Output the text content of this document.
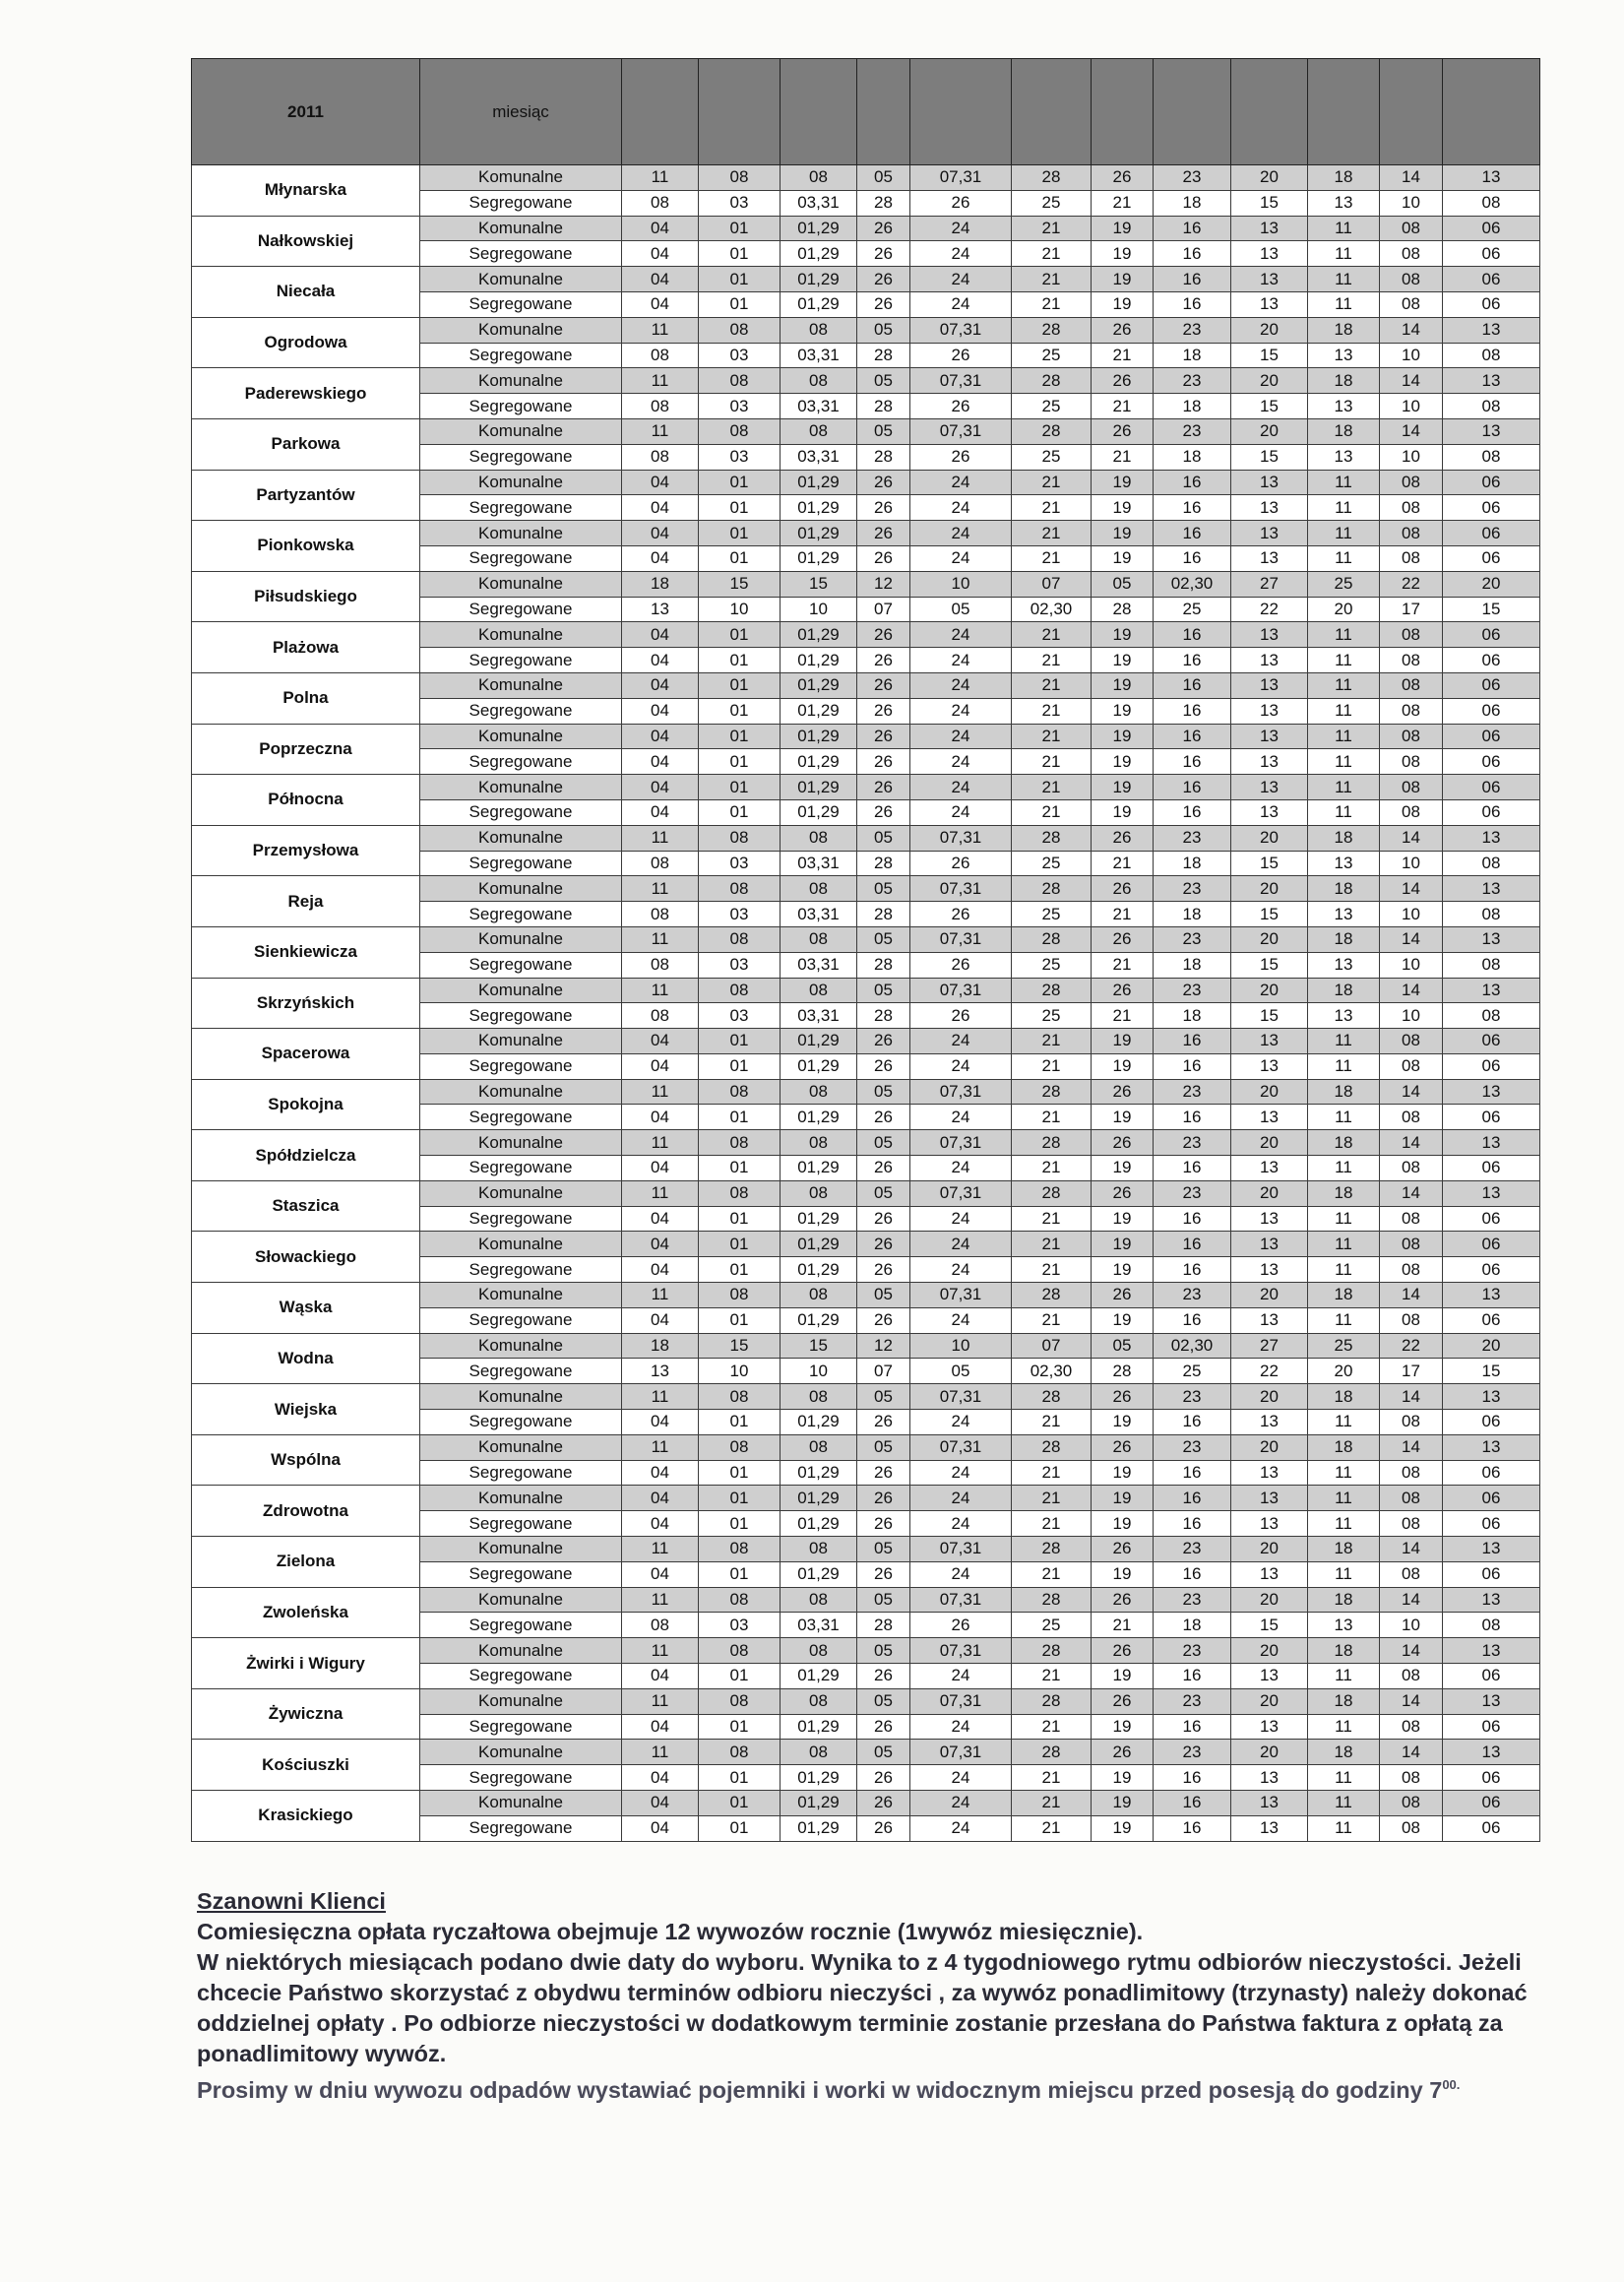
2011	miesiąc												
Młynarska	Komunalne	11	08	08	05	07,31	28	26	23	20	18	14	13
	Segregowane	08	03	03,31	28	26	25	21	18	15	13	10	08
Nałkowskiej	Komunalne	04	01	01,29	26	24	21	19	16	13	11	08	06
	Segregowane	04	01	01,29	26	24	21	19	16	13	11	08	06
Niecała	Komunalne	04	01	01,29	26	24	21	19	16	13	11	08	06
	Segregowane	04	01	01,29	26	24	21	19	16	13	11	08	06
Ogrodowa	Komunalne	11	08	08	05	07,31	28	26	23	20	18	14	13
	Segregowane	08	03	03,31	28	26	25	21	18	15	13	10	08
Paderewskiego	Komunalne	11	08	08	05	07,31	28	26	23	20	18	14	13
	Segregowane	08	03	03,31	28	26	25	21	18	15	13	10	08
Parkowa	Komunalne	11	08	08	05	07,31	28	26	23	20	18	14	13
	Segregowane	08	03	03,31	28	26	25	21	18	15	13	10	08
Partyzantów	Komunalne	04	01	01,29	26	24	21	19	16	13	11	08	06
	Segregowane	04	01	01,29	26	24	21	19	16	13	11	08	06
Pionkowska	Komunalne	04	01	01,29	26	24	21	19	16	13	11	08	06
	Segregowane	04	01	01,29	26	24	21	19	16	13	11	08	06
Piłsudskiego	Komunalne	18	15	15	12	10	07	05	02,30	27	25	22	20
	Segregowane	13	10	10	07	05	02,30	28	25	22	20	17	15
Plażowa	Komunalne	04	01	01,29	26	24	21	19	16	13	11	08	06
	Segregowane	04	01	01,29	26	24	21	19	16	13	11	08	06
Polna	Komunalne	04	01	01,29	26	24	21	19	16	13	11	08	06
	Segregowane	04	01	01,29	26	24	21	19	16	13	11	08	06
Poprzeczna	Komunalne	04	01	01,29	26	24	21	19	16	13	11	08	06
	Segregowane	04	01	01,29	26	24	21	19	16	13	11	08	06
Północna	Komunalne	04	01	01,29	26	24	21	19	16	13	11	08	06
	Segregowane	04	01	01,29	26	24	21	19	16	13	11	08	06
Przemysłowa	Komunalne	11	08	08	05	07,31	28	26	23	20	18	14	13
	Segregowane	08	03	03,31	28	26	25	21	18	15	13	10	08
Reja	Komunalne	11	08	08	05	07,31	28	26	23	20	18	14	13
	Segregowane	08	03	03,31	28	26	25	21	18	15	13	10	08
Sienkiewicza	Komunalne	11	08	08	05	07,31	28	26	23	20	18	14	13
	Segregowane	08	03	03,31	28	26	25	21	18	15	13	10	08
Skrzyńskich	Komunalne	11	08	08	05	07,31	28	26	23	20	18	14	13
	Segregowane	08	03	03,31	28	26	25	21	18	15	13	10	08
Spacerowa	Komunalne	04	01	01,29	26	24	21	19	16	13	11	08	06
	Segregowane	04	01	01,29	26	24	21	19	16	13	11	08	06
Spokojna	Komunalne	11	08	08	05	07,31	28	26	23	20	18	14	13
	Segregowane	04	01	01,29	26	24	21	19	16	13	11	08	06
Spółdzielcza	Komunalne	11	08	08	05	07,31	28	26	23	20	18	14	13
	Segregowane	04	01	01,29	26	24	21	19	16	13	11	08	06
Staszica	Komunalne	11	08	08	05	07,31	28	26	23	20	18	14	13
	Segregowane	04	01	01,29	26	24	21	19	16	13	11	08	06
Słowackiego	Komunalne	04	01	01,29	26	24	21	19	16	13	11	08	06
	Segregowane	04	01	01,29	26	24	21	19	16	13	11	08	06
Wąska	Komunalne	11	08	08	05	07,31	28	26	23	20	18	14	13
	Segregowane	04	01	01,29	26	24	21	19	16	13	11	08	06
Wodna	Komunalne	18	15	15	12	10	07	05	02,30	27	25	22	20
	Segregowane	13	10	10	07	05	02,30	28	25	22	20	17	15
Wiejska	Komunalne	11	08	08	05	07,31	28	26	23	20	18	14	13
	Segregowane	04	01	01,29	26	24	21	19	16	13	11	08	06
Wspólna	Komunalne	11	08	08	05	07,31	28	26	23	20	18	14	13
	Segregowane	04	01	01,29	26	24	21	19	16	13	11	08	06
Zdrowotna	Komunalne	04	01	01,29	26	24	21	19	16	13	11	08	06
	Segregowane	04	01	01,29	26	24	21	19	16	13	11	08	06
Zielona	Komunalne	11	08	08	05	07,31	28	26	23	20	18	14	13
	Segregowane	04	01	01,29	26	24	21	19	16	13	11	08	06
Zwoleńska	Komunalne	11	08	08	05	07,31	28	26	23	20	18	14	13
	Segregowane	08	03	03,31	28	26	25	21	18	15	13	10	08
Żwirki i Wigury	Komunalne	11	08	08	05	07,31	28	26	23	20	18	14	13
	Segregowane	04	01	01,29	26	24	21	19	16	13	11	08	06
Żywiczna	Komunalne	11	08	08	05	07,31	28	26	23	20	18	14	13
	Segregowane	04	01	01,29	26	24	21	19	16	13	11	08	06
Kościuszki	Komunalne	11	08	08	05	07,31	28	26	23	20	18	14	13
	Segregowane	04	01	01,29	26	24	21	19	16	13	11	08	06
Krasickiego	Komunalne	04	01	01,29	26	24	21	19	16	13	11	08	06
	Segregowane	04	01	01,29	26	24	21	19	16	13	11	08	06
Szanowni Klienci

Comiesięczna opłata ryczałtowa obejmuje 12 wywozów rocznie (1wywóz miesięcznie).

W niektórych miesiącach podano dwie daty do wyboru. Wynika to z 4 tygodniowego rytmu odbiorów nieczystości. Jeżeli chcecie Państwo skorzystać z obydwu terminów odbioru nieczyści , za wywóz ponadlimitowy (trzynasty) należy dokonać oddzielnej opłaty . Po odbiorze nieczystości w dodatkowym terminie zostanie przesłana do Państwa faktura z opłatą za ponadlimitowy wywóz.

Prosimy w dniu wywozu odpadów wystawiać pojemniki i worki w widocznym miejscu przed posesją do godziny $7^{00.}$
